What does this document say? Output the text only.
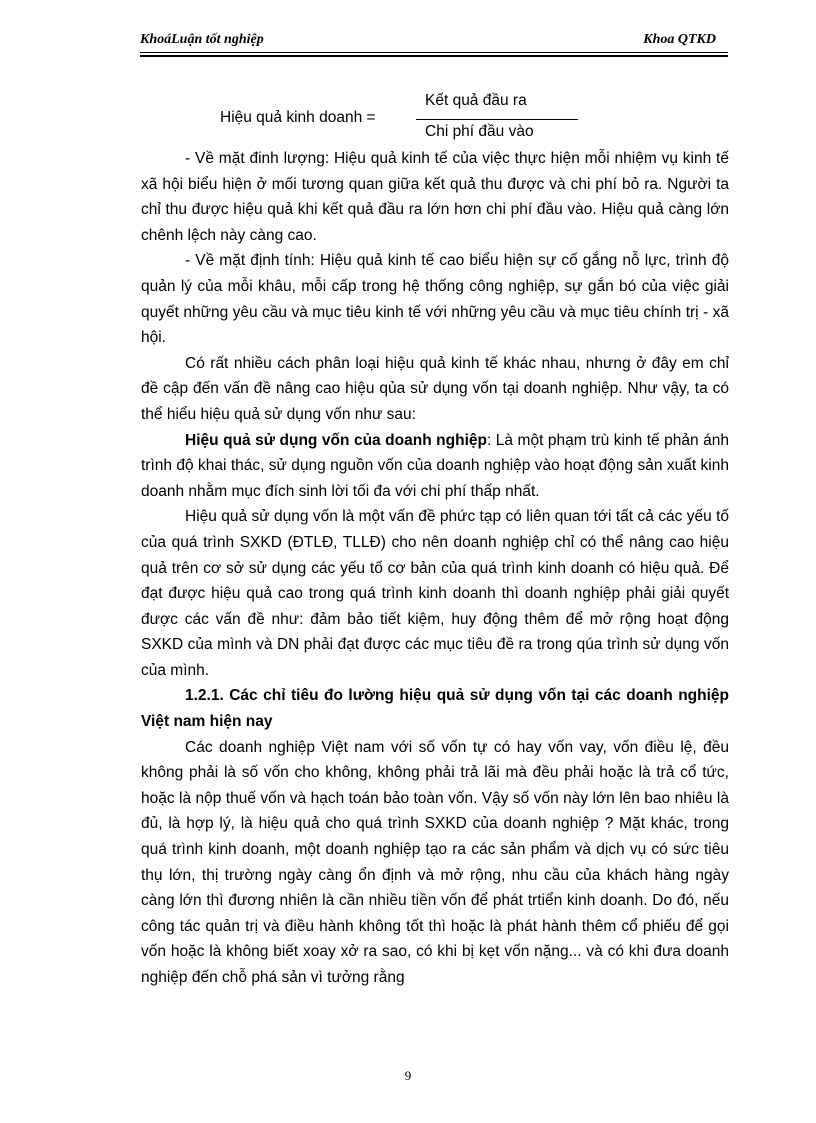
KhoáLuận tốt nghiệp	Khoa QTKD
Hiệu quả kinh doanh =
Kết quả đầu ra
Chi phí đầu vào

- Về mặt đinh lượng: Hiệu quả kinh tế của việc thực hiện mỗi nhiệm vụ kinh tế xã hội biểu hiện ở mối tương quan giữa kết quả thu được và chi phí bỏ ra. Người ta chỉ thu được hiệu quả khi kết quả đầu ra lớn hơn chi phí đầu vào. Hiệu quả càng lớn chênh lệch này càng cao.

- Về mặt định tính: Hiệu quả kinh tế cao biểu hiện sự cố gắng nỗ lực, trình độ quản lý của mỗi khâu, mỗi cấp trong hệ thống công nghiệp, sự gắn bó của việc giải quyết những yêu cầu và mục tiêu kinh tế với những yêu cầu và mục tiêu chính trị - xã hội.

Có rất nhiều cách phân loại hiệu quả kinh tế khác nhau, nhưng ở đây em chỉ đề cập đến vấn đề nâng cao hiệu qủa sử dụng vốn tại doanh nghiệp. Như vậy, ta có thể hiểu hiệu quả sử dụng vốn như sau:

Hiệu quả sử dụng vốn của doanh nghiệp: Là một phạm trù kinh tế phản ánh trình độ khai thác, sử dụng nguồn vốn của doanh nghiệp vào hoạt động sản xuất kinh doanh nhằm mục đích sinh lời tối đa với chi phí thấp nhất.

Hiệu quả sử dụng vốn là một vấn đề phức tạp có liên quan tới tất cả các yếu tố của quá trình SXKD (ĐTLĐ, TLLĐ) cho nên doanh nghiệp chỉ có thể nâng cao hiệu quả trên cơ sở sử dụng các yếu tố cơ bản của quá trình kinh doanh có hiệu quả. Để đạt được hiệu quả cao trong quá trình kinh doanh thì doanh nghiệp phải giải quyết được các vấn đề như: đảm bảo tiết kiệm, huy động thêm để mở rộng hoạt động SXKD của mình và DN phải đạt được các mục tiêu đề ra trong qúa trình sử dụng vốn của mình.

1.2.1. Các chỉ tiêu đo lường hiệu quả sử dụng vốn tại các doanh nghiệp Việt nam hiện nay

Các doanh nghiệp Việt nam với số vốn tự có hay vốn vay, vốn điều lệ, đều không phải là số vốn cho không, không phải trả lãi mà đều phải hoặc là trả cổ tức, hoặc là nộp thuế vốn và hạch toán bảo toàn vốn. Vậy số vốn này lớn lên bao nhiêu là đủ, là hợp lý, là hiệu quả cho quá trình SXKD của doanh nghiệp ? Mặt khác, trong quá trình kinh doanh, một doanh nghiệp tạo ra các sản phẩm và dịch vụ có sức tiêu thụ lớn, thị trường ngày càng ổn định và mở rộng, nhu cầu của khách hàng ngày càng lớn thì đương nhiên là cần nhiều tiền vốn để phát trtiển kinh doanh. Do đó, nếu công tác quản trị và điều hành không tốt thì hoặc là phát hành thêm cổ phiếu để gọi vốn hoặc là không biết xoay xở ra sao, có khi bị kẹt vốn nặng... và có khi đưa doanh nghiệp đến chỗ phá sản vì tưởng rằng

9
